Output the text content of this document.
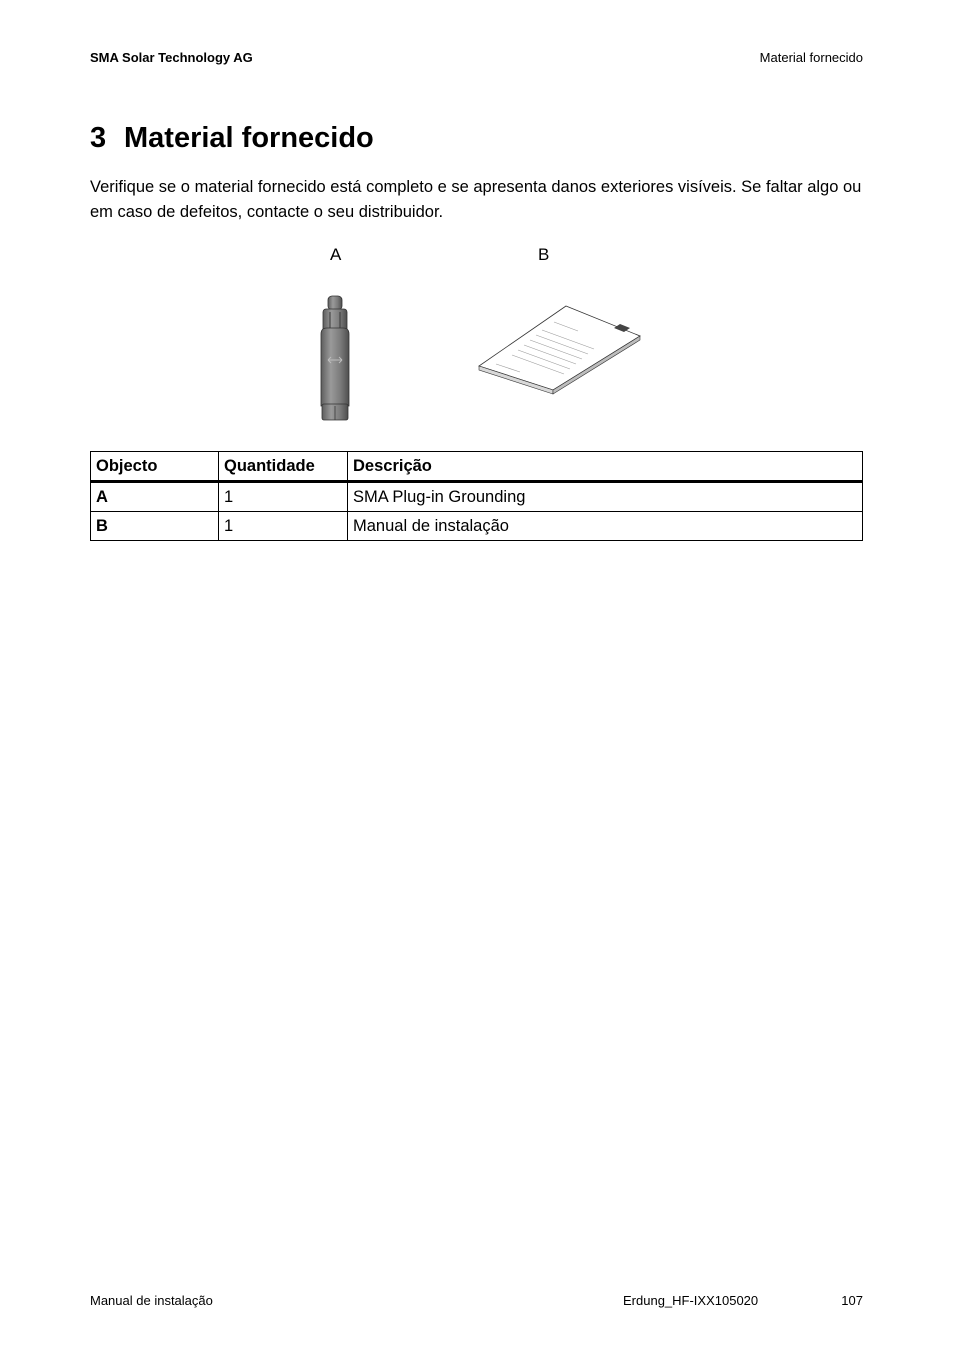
SMA Solar Technology AG	Material fornecido
3 Material fornecido

Verifique se o material fornecido está completo e se apresenta danos exteriores visíveis. Se faltar algo ou em caso de defeitos, contacte o seu distribuidor.

A	B
Objecto	Quantidade	Descrição
A	1	SMA Plug-in Grounding
B	1	Manual de instalação
Manual de instalação	Erdung_HF-IXX105020	107
